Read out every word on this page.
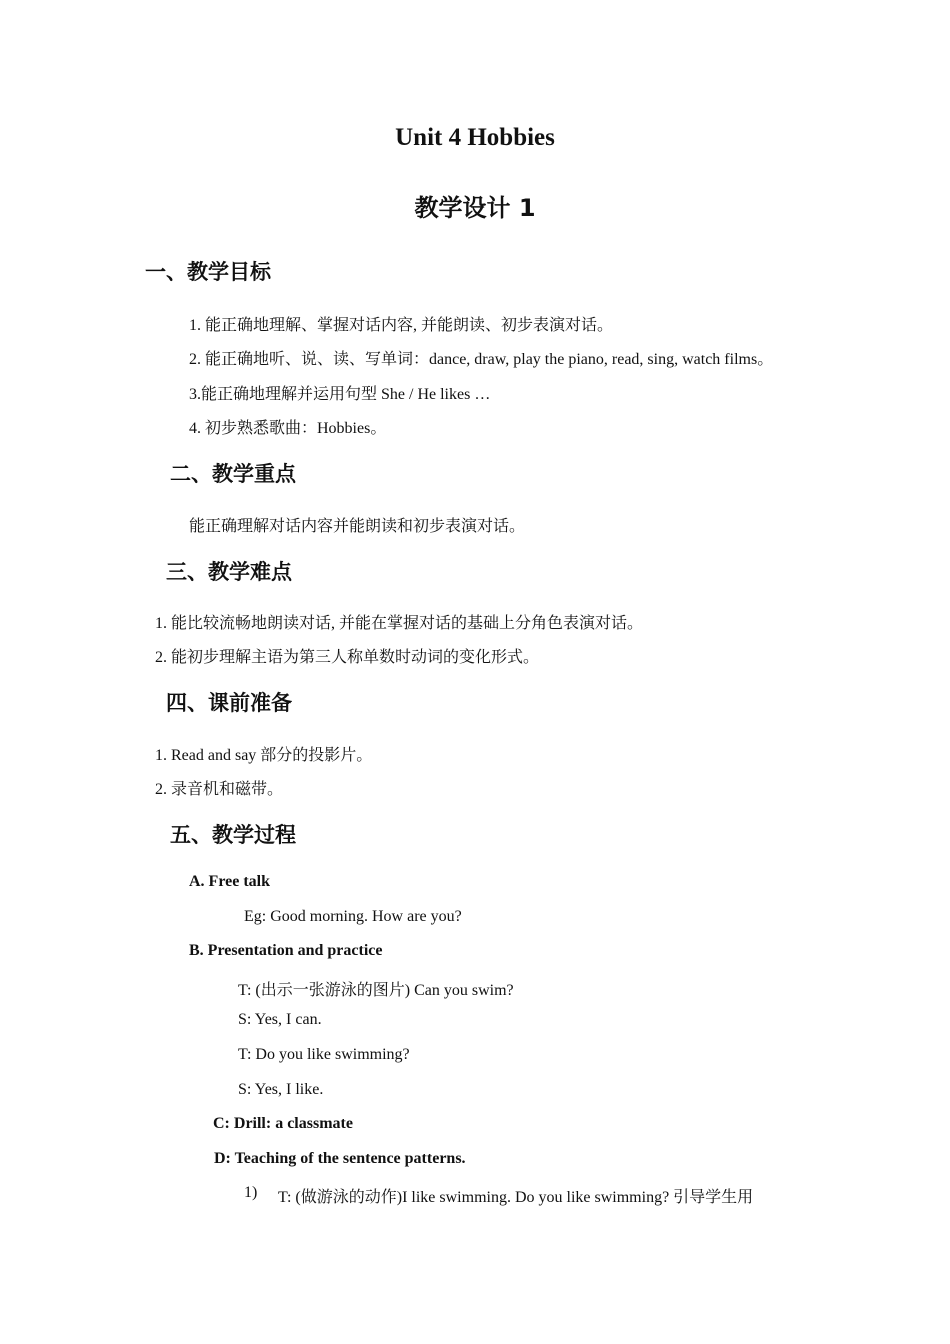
Unit 4 Hobbies
教学设计 1
一、教学目标
1. 能正确地理解、掌握对话内容, 并能朗读、初步表演对话。
2. 能正确地听、说、读、写单词：dance, draw, play the piano, read, sing, watch films。
3.能正确地理解并运用句型 She / He likes …
4. 初步熟悉歌曲：Hobbies。
二、教学重点
能正确理解对话内容并能朗读和初步表演对话。
三、教学难点
1. 能比较流畅地朗读对话, 并能在掌握对话的基础上分角色表演对话。
2. 能初步理解主语为第三人称单数时动词的变化形式。
四、课前准备
1. Read and say 部分的投影片。
2. 录音机和磁带。
五、教学过程
A. Free talk
Eg: Good morning. How are you?
B. Presentation and practice
T: (出示一张游泳的图片) Can you swim?
S: Yes, I can.
T: Do you like swimming?
S: Yes, I like.
C: Drill: a classmate
D: Teaching of the sentence patterns.
1) T: (做游泳的动作)I like swimming. Do you like swimming? 引导学生用
